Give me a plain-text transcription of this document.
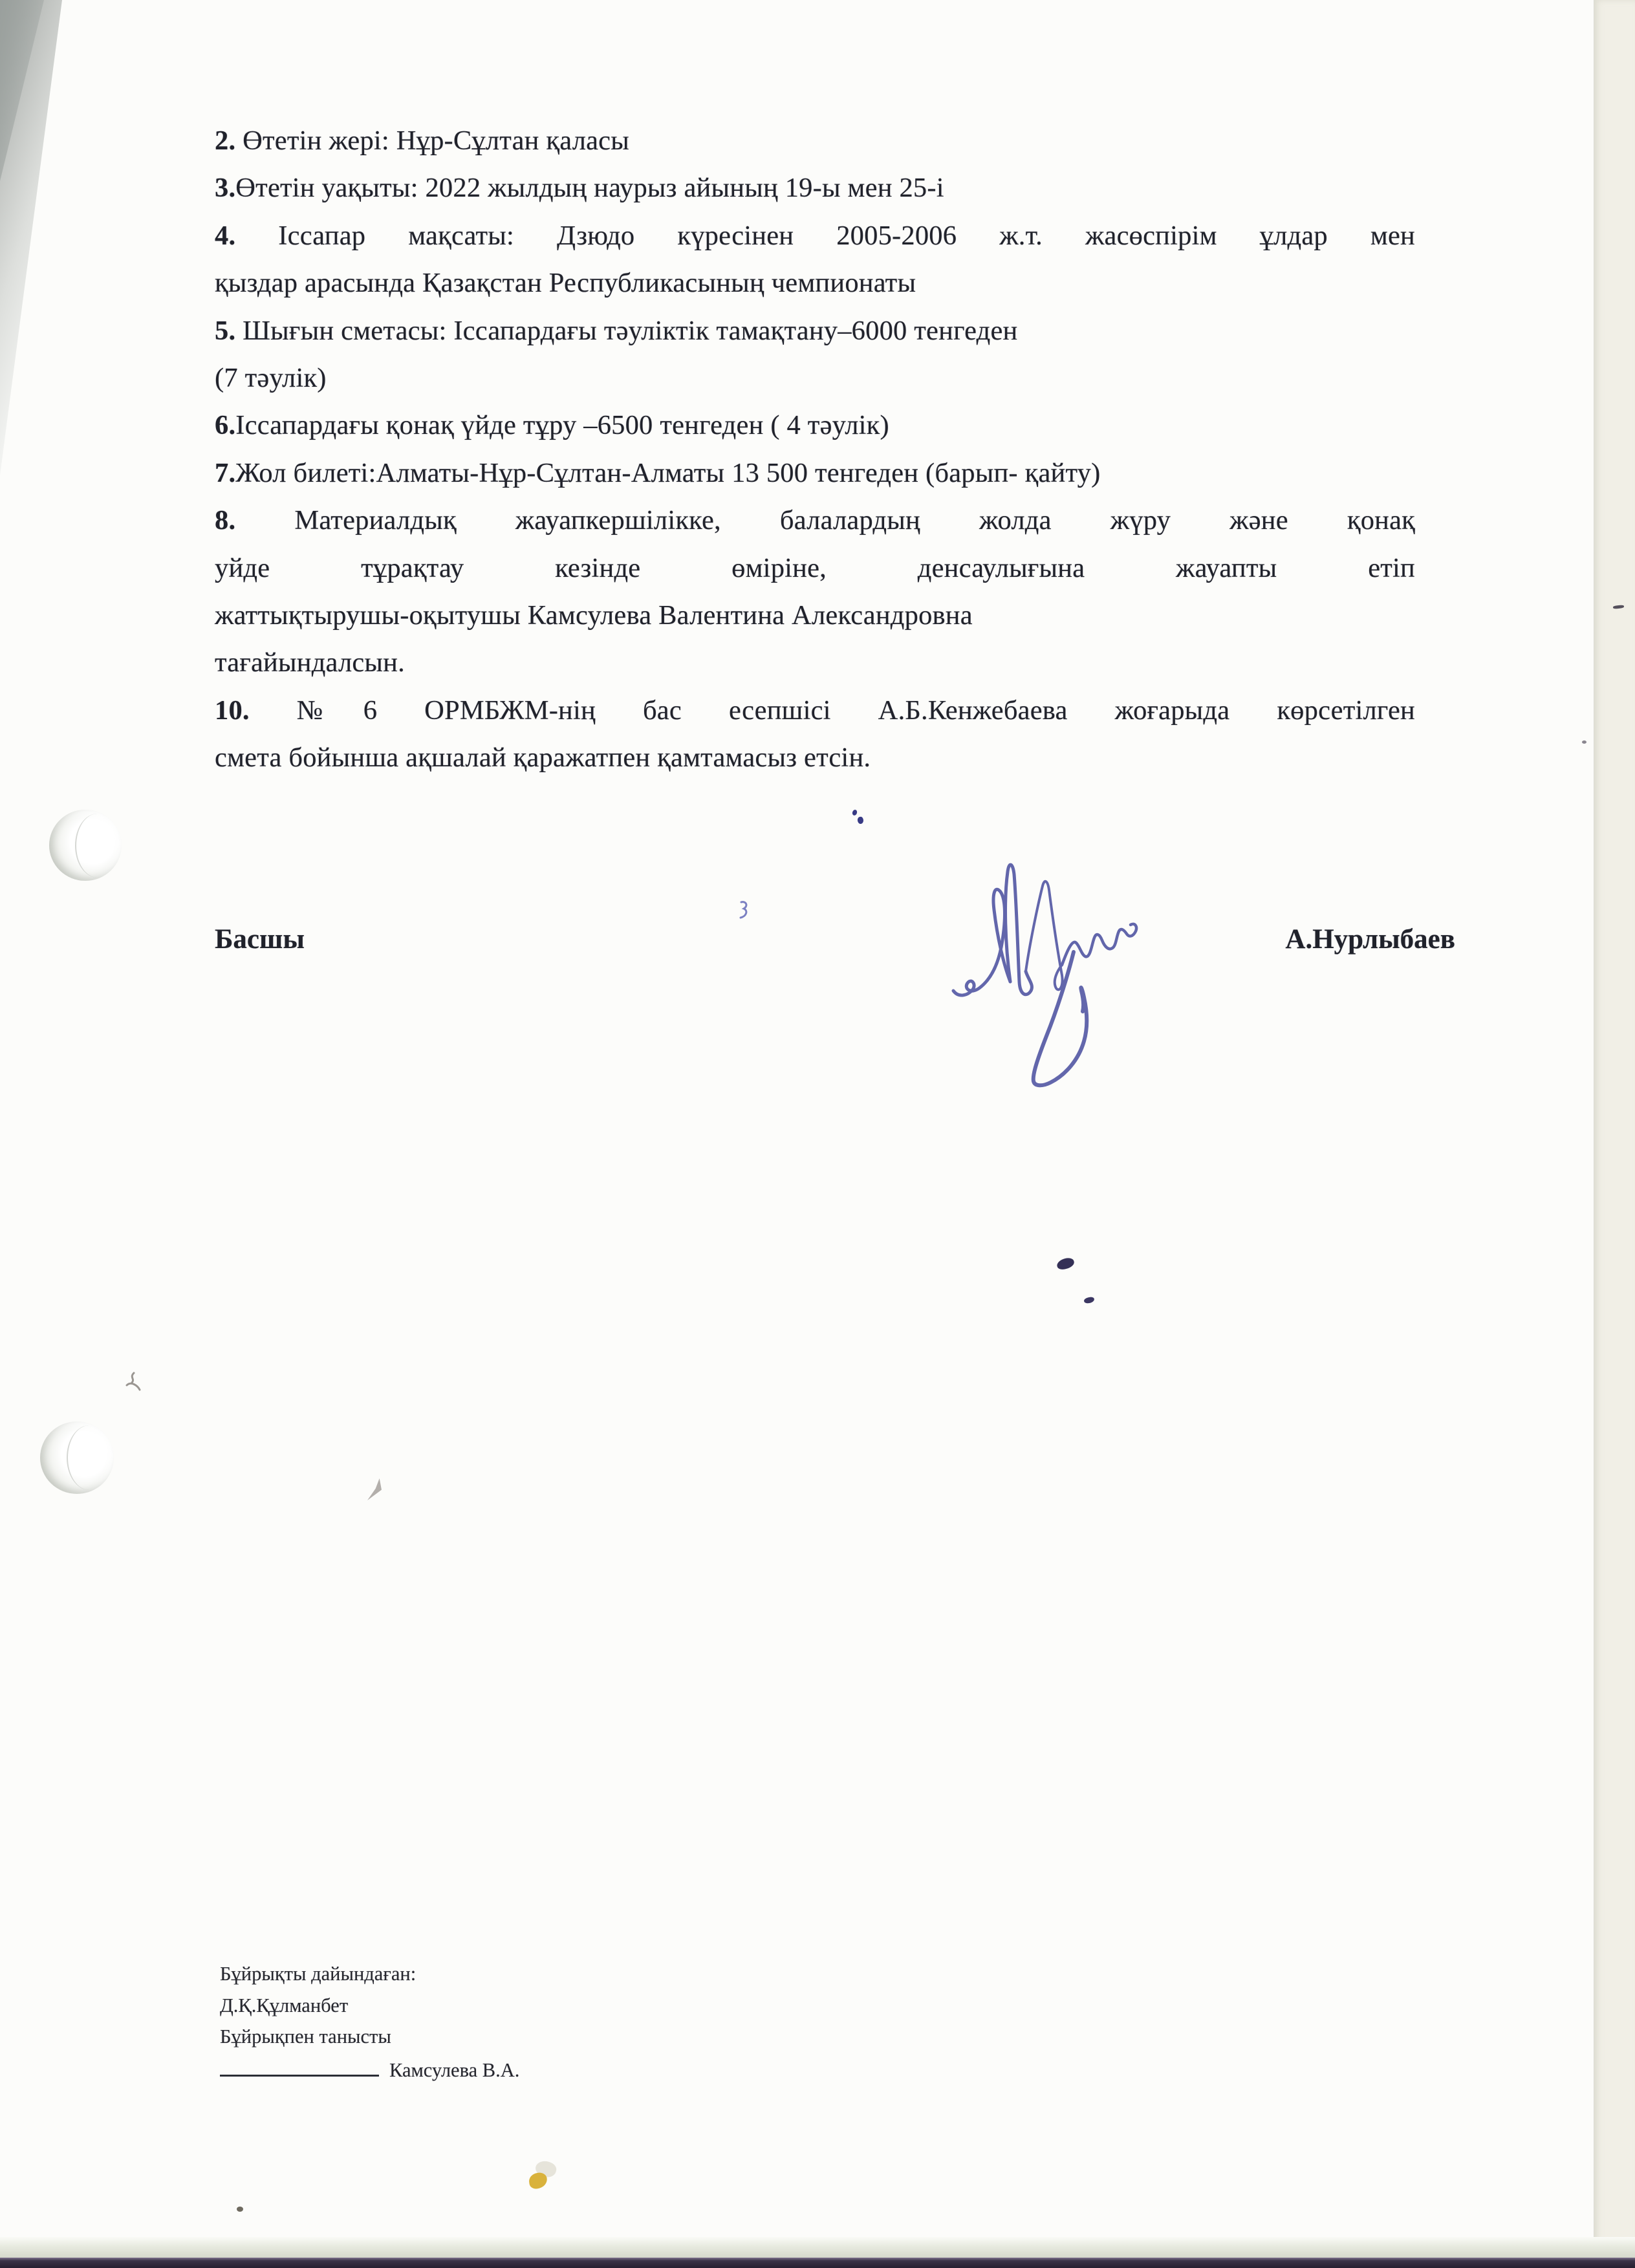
2. Өтетін жері: Нұр-Сұлтан қаласы
3.Өтетін уақыты: 2022 жылдың наурыз айының 19-ы мен 25-і
4. Іссапар мақсаты: Дзюдо күресінен 2005-2006 ж.т. жасөспірім ұлдар мен
қыздар арасында Қазақстан Республикасының чемпионаты
5. Шығын сметасы: Іссапардағы тәуліктік тамақтану–6000 тенгеден
(7 тәулік)
6.Іссапардағы қонақ үйде тұру –6500 тенгеден ( 4 тәулік)
7.Жол билеті:Алматы-Нұр-Сұлтан-Алматы 13 500 тенгеден (барып- қайту)
8. Материалдық жауапкершілікке, балалардың жолда жүру және қонақ
уйде тұрақтау кезінде өміріне, денсаулығына жауапты етіп
жаттықтырушы-оқытушы Камсулева Валентина Александровна
тағайындалсын.
10. №6 ОРМБЖМ-нің бас есепшісі А.Б.Кенжебаева жоғарыда көрсетілген
смета бойынша ақшалай қаражатпен қамтамасыз етсін.
Басшы	А.Нурлыбаев
Бұйрықты дайындаған:
Д.Қ.Құлманбет
Бұйрықпен танысты
Камсулева В.А.
